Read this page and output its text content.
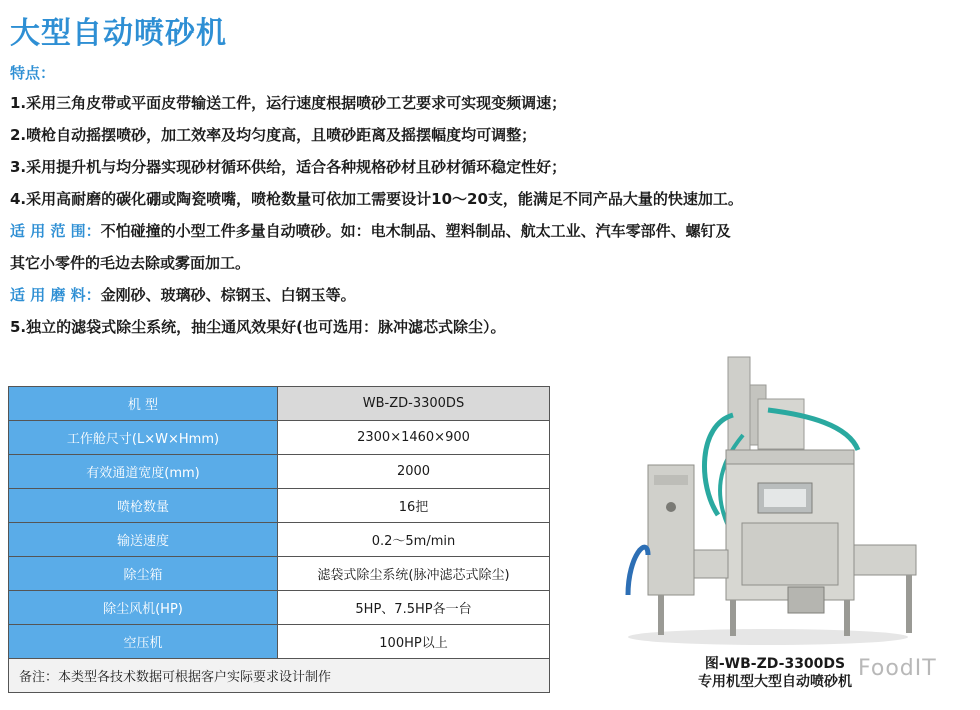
大型自动喷砂机
特点：
1.采用三角皮带或平面皮带输送工件，运行速度根据喷砂工艺要求可实现变频调速；
2.喷枪自动摇摆喷砂，加工效率及均匀度高，且喷砂距离及摇摆幅度均可调整；
3.采用提升机与均分器实现砂材循环供给，适合各种规格砂材且砂材循环稳定性好；
4.采用高耐磨的碳化硼或陶瓷喷嘴，喷枪数量可依加工需要设计10～20支，能满足不同产品大量的快速加工。
适 用 范 围：不怕碰撞的小型工件多量自动喷砂。如：电木制品、塑料制品、航太工业、汽车零部件、螺钉及
其它小零件的毛边去除或雾面加工。
适 用 磨 料：金刚砂、玻璃砂、棕钢玉、白钢玉等。
5.独立的滤袋式除尘系统，抽尘通风效果好(也可选用：脉冲滤芯式除尘）。
机 型	WB-ZD-3300DS
工作舱尺寸(L×W×Hmm)	2300×1460×900
有效通道宽度(mm)	2000
喷枪数量	16把
输送速度	0.2～5m/min
除尘箱	滤袋式除尘系统(脉冲滤芯式除尘)
除尘风机(HP)	5HP、7.5HP各一台
空压机	100HP以上
备注：本类型各技术数据可根据客户实际要求设计制作	
图-WB-ZD-3300DS
专用机型大型自动喷砂机
FoodIT
